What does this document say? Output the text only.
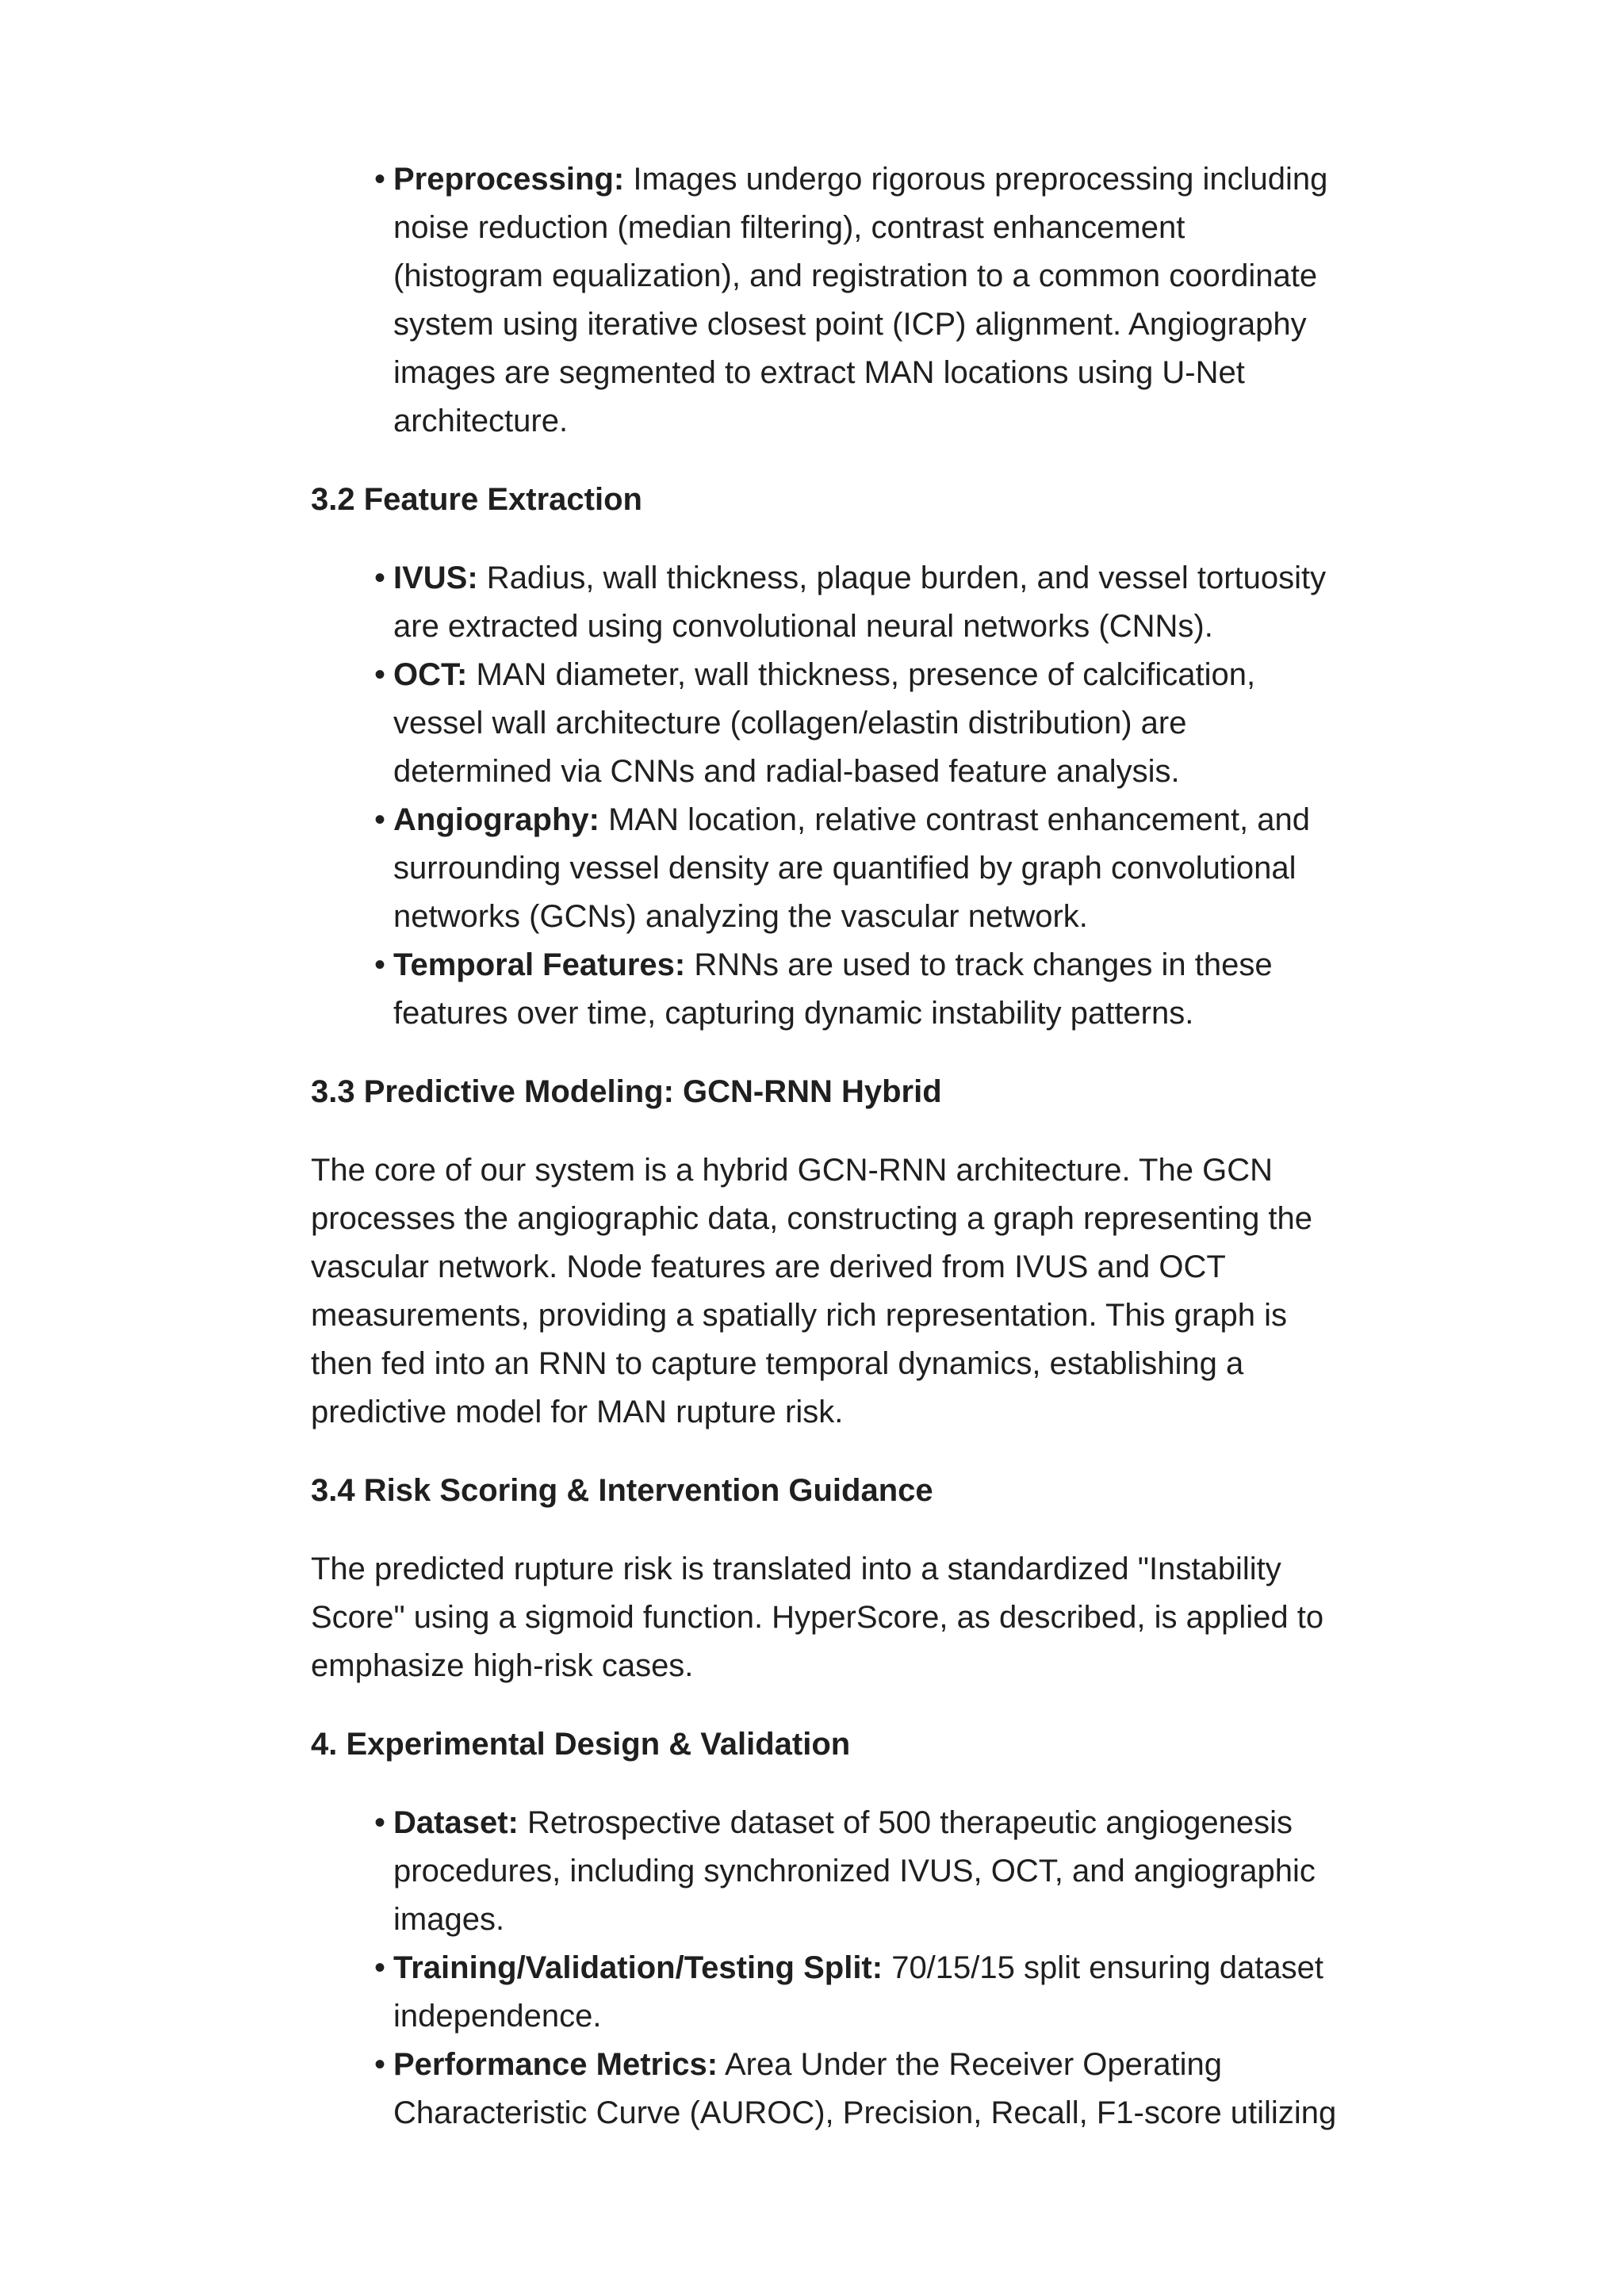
• Preprocessing: Images undergo rigorous preprocessing including noise reduction (median filtering), contrast enhancement (histogram equalization), and registration to a common coordinate system using iterative closest point (ICP) alignment. Angiography images are segmented to extract MAN locations using U-Net architecture.

3.2 Feature Extraction

• IVUS: Radius, wall thickness, plaque burden, and vessel tortuosity are extracted using convolutional neural networks (CNNs).
• OCT: MAN diameter, wall thickness, presence of calcification, vessel wall architecture (collagen/elastin distribution) are determined via CNNs and radial-based feature analysis.
• Angiography: MAN location, relative contrast enhancement, and surrounding vessel density are quantified by graph convolutional networks (GCNs) analyzing the vascular network.
• Temporal Features: RNNs are used to track changes in these features over time, capturing dynamic instability patterns.

3.3 Predictive Modeling: GCN-RNN Hybrid

The core of our system is a hybrid GCN-RNN architecture. The GCN processes the angiographic data, constructing a graph representing the vascular network. Node features are derived from IVUS and OCT measurements, providing a spatially rich representation. This graph is then fed into an RNN to capture temporal dynamics, establishing a predictive model for MAN rupture risk.

3.4 Risk Scoring & Intervention Guidance

The predicted rupture risk is translated into a standardized "Instability Score" using a sigmoid function. HyperScore, as described, is applied to emphasize high-risk cases.

4. Experimental Design & Validation

• Dataset: Retrospective dataset of 500 therapeutic angiogenesis procedures, including synchronized IVUS, OCT, and angiographic images.
• Training/Validation/Testing Split: 70/15/15 split ensuring dataset independence.
• Performance Metrics: Area Under the Receiver Operating Characteristic Curve (AUROC), Precision, Recall, F1-score utilizing
